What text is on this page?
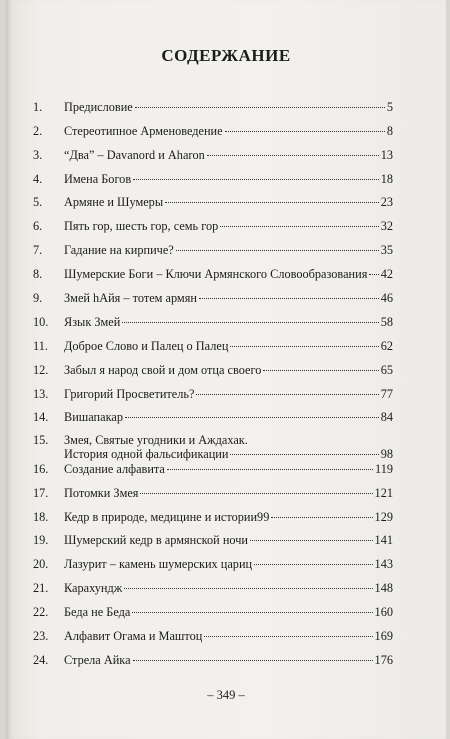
СОДЕРЖАНИЕ
1.	Предисловие	5
2.	Стереотипное Арменоведение	8
3.	“Два” – Davanord и Aharon	13
4.	Имена Богов	18
5.	Армяне и Шумеры	23
6.	Пять гор, шесть гор, семь гор	32
7.	Гадание на кирпиче?	35
8.	Шумерские Боги – Ключи Армянского Словообразования 42
9.	Змей hАйя – тотем армян	46
10.	Язык Змей	58
11.	Доброе Слово и Палец о Палец	62
12.	Забыл я народ свой и дом отца своего	65
13.	Григорий Просветитель?	77
14.	Вишапакар	84
15.	Змея, Святые угодники и Аждахак.
История одной фальсификации	98
16.	Создание алфавита	119
17.	Потомки Змея	121
18.	Кедр в природе, медицине и истории99	129
19.	Шумерский кедр в армянской ночи	141
20.	Лазурит – камень шумерских цариц	143
21.	Карахундж	148
22.	Беда не Беда	160
23.	Алфавит Огама и Маштоц	169
24.	Стрела Айка	176
– 349 –
